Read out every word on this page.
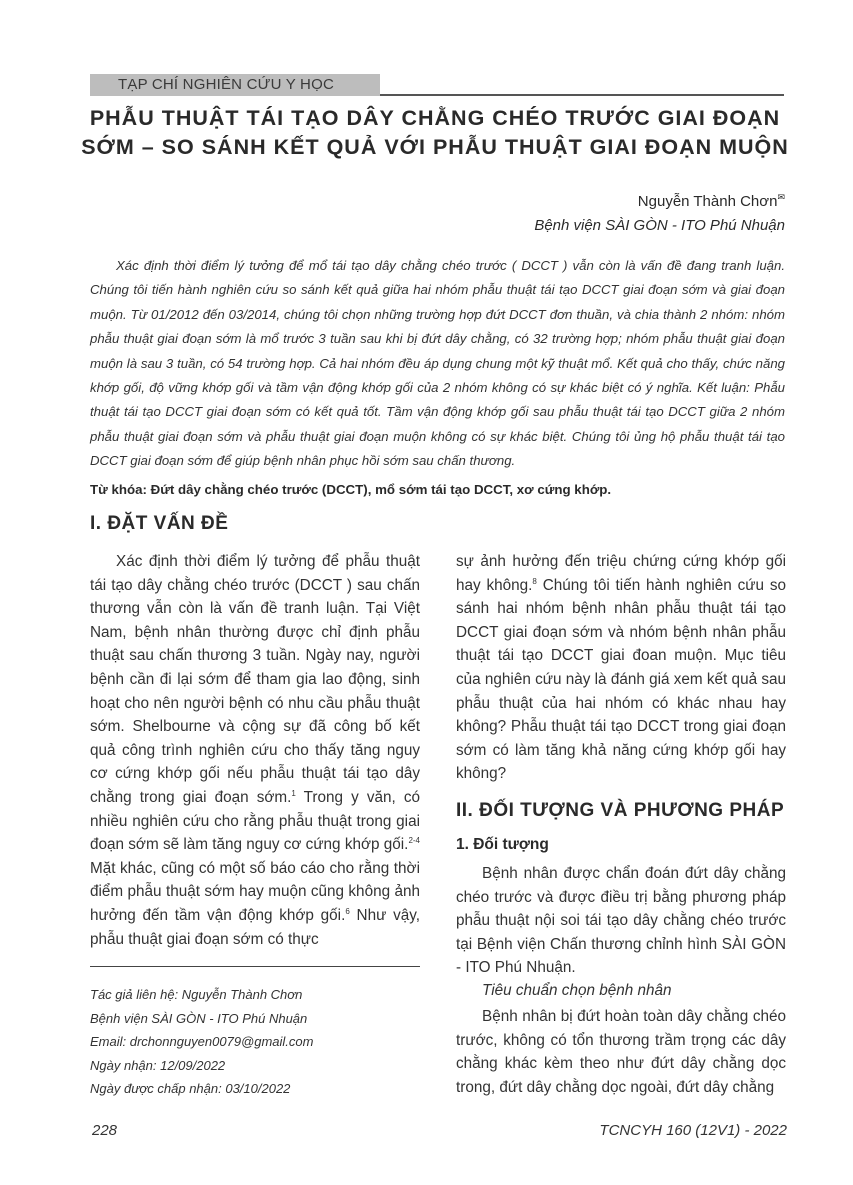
TẠP CHÍ NGHIÊN CỨU Y HỌC
PHẪU THUẬT TÁI TẠO DÂY CHẰNG CHÉO TRƯỚC GIAI ĐOẠN SỚM – SO SÁNH KẾT QUẢ VỚI PHẪU THUẬT GIAI ĐOẠN MUỘN
Nguyễn Thành Chơn✉
Bệnh viện SÀI GÒN - ITO Phú Nhuận

Xác định thời điểm lý tưởng để mổ tái tạo dây chằng chéo trước ( DCCT ) vẫn còn là vấn đề đang tranh luận. Chúng tôi tiến hành nghiên cứu so sánh kết quả giữa hai nhóm phẫu thuật tái tạo DCCT giai đoạn sớm và giai đoạn muộn. Từ 01/2012 đến 03/2014, chúng tôi chọn những trường hợp đứt DCCT đơn thuần, và chia thành 2 nhóm: nhóm phẫu thuật giai đoạn sớm là mổ trước 3 tuần sau khi bị đứt dây chằng, có 32 trường hợp; nhóm phẫu thuật giai đoạn muộn là sau 3 tuần, có 54 trường hợp. Cả hai nhóm đều áp dụng chung một kỹ thuật mổ. Kết quả cho thấy, chức năng khớp gối, độ vững khớp gối và tầm vận động khớp gối của 2 nhóm không có sự khác biệt có ý nghĩa. Kết luận: Phẫu thuật tái tạo DCCT giai đoạn sớm có kết quả tốt. Tầm vận động khớp gối sau phẫu thuật tái tạo DCCT giữa 2 nhóm phẫu thuật giai đoạn sớm và phẫu thuật giai đoạn muộn không có sự khác biệt. Chúng tôi ủng hộ phẫu thuật tái tạo DCCT giai đoạn sớm để giúp bệnh nhân phục hồi sớm sau chấn thương.

Từ khóa: Đứt dây chằng chéo trước (DCCT), mổ sớm tái tạo DCCT, xơ cứng khớp.

I. ĐẶT VẤN ĐỀ

Xác định thời điểm lý tưởng để phẫu thuật tái tạo dây chằng chéo trước (DCCT ) sau chấn thương vẫn còn là vấn đề tranh luận. Tại Việt Nam, bệnh nhân thường được chỉ định phẫu thuật sau chấn thương 3 tuần. Ngày nay, người bệnh cần đi lại sớm để tham gia lao động, sinh hoạt cho nên người bệnh có nhu cầu phẫu thuật sớm. Shelbourne và cộng sự đã công bố kết quả công trình nghiên cứu cho thấy tăng nguy cơ cứng khớp gối nếu phẫu thuật tái tạo dây chằng trong giai đoạn sớm.$^1$ Trong y văn, có nhiều nghiên cứu cho rằng phẫu thuật trong giai đoạn sớm sẽ làm tăng nguy cơ cứng khớp gối.$^{2-4}$ Mặt khác, cũng có một số báo cáo cho rằng thời điểm phẫu thuật sớm hay muộn cũng không ảnh hưởng đến tầm vận động khớp gối.$^6$ Như vậy, phẫu thuật giai đoạn sớm có thực

Tác giả liên hệ: Nguyễn Thành Chơn
Bệnh viện SÀI GÒN - ITO Phú Nhuận
Email: drchonnguyen0079@gmail.com
Ngày nhận: 12/09/2022
Ngày được chấp nhận: 03/10/2022

sự ảnh hưởng đến triệu chứng cứng khớp gối hay không.$^8$ Chúng tôi tiến hành nghiên cứu so sánh hai nhóm bệnh nhân phẫu thuật tái tạo DCCT giai đoạn sớm và nhóm bệnh nhân phẫu thuật tái tạo DCCT giai đoan muộn. Mục tiêu của nghiên cứu này là đánh giá xem kết quả sau phẫu thuật của hai nhóm có khác nhau hay không? Phẫu thuật tái tạo DCCT trong giai đoạn sớm có làm tăng khả năng cứng khớp gối hay không?

II. ĐỐI TƯỢNG VÀ PHƯƠNG PHÁP
1. Đối tượng

Bệnh nhân được chẩn đoán đứt dây chằng chéo trước và được điều trị bằng phương pháp phẫu thuật nội soi tái tạo dây chằng chéo trước tại Bệnh viện Chấn thương chỉnh hình SÀI GÒN - ITO Phú Nhuận.

Tiêu chuẩn chọn bệnh nhân

Bệnh nhân bị đứt hoàn toàn dây chằng chéo trước, không có tổn thương trầm trọng các dây chằng khác kèm theo như đứt dây chằng dọc trong, đứt dây chằng dọc ngoài, đứt dây chằng

228	TCNCYH 160 (12V1) - 2022
